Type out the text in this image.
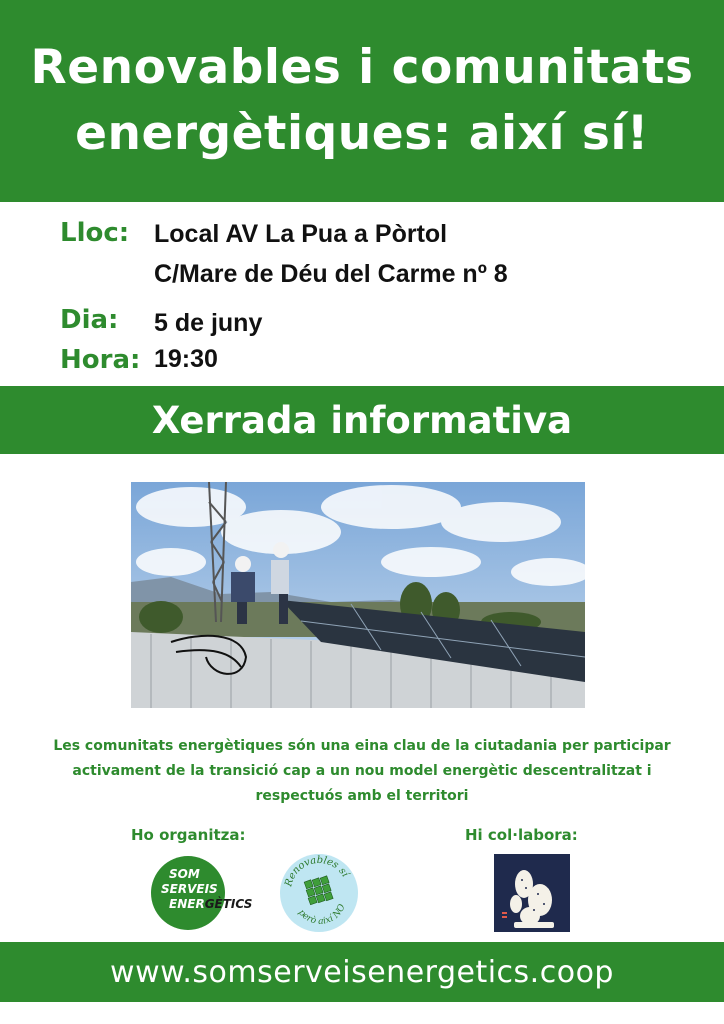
Renovables i comunitats
energètiques: així sí!
Lloc: Local AV La Pua a Pòrtol
C/Mare de Déu del Carme nº 8
Dia: 5 de juny
Hora: 19:30
Xerrada informativa
Les comunitats energètiques són una eina clau de la ciutadania per participar
activament de la transició cap a un nou model energètic descentralitzat i
respectuós amb el territori
Ho organitza:	Hi col·labora:
SOM
SERVEIS
ENERGÈTICS
Renovables sí
però així NO
www.somserveisenergetics.coop
